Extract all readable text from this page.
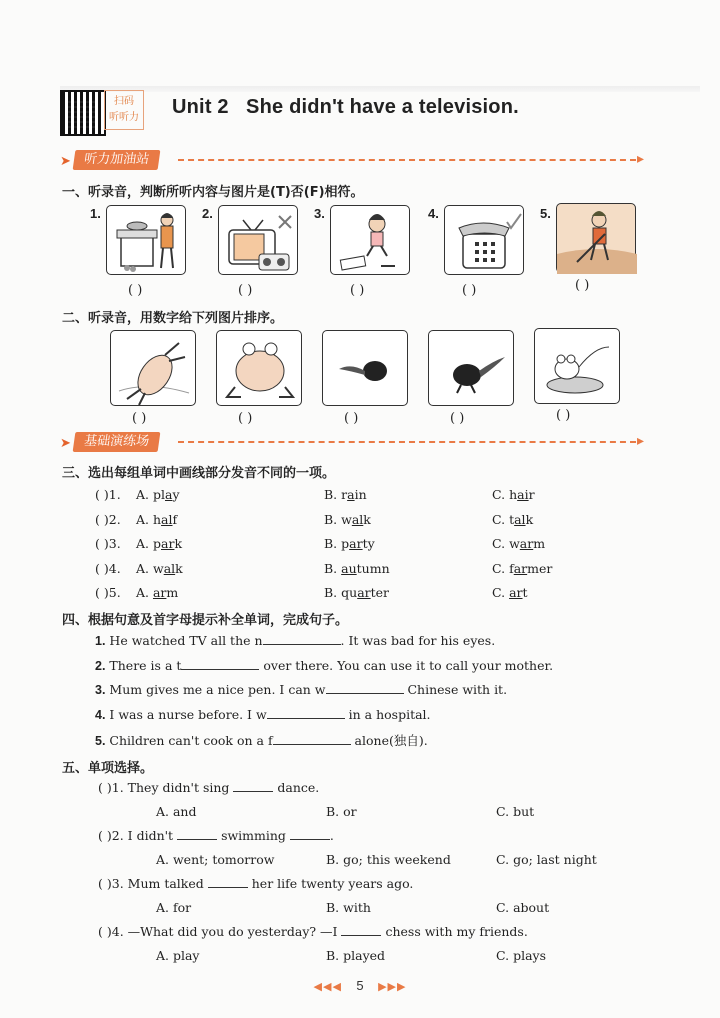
扫码
听听力 Unit 2   She didn't have a television.
➤ 听力加油站	▸
一、听录音，判断所听内容与图片是(T)否(F)相符。
1.
( )
2.
( )
3.
( )
4.
( )
5.
( )
二、听录音，用数字给下列图片排序。
( )	( )	( )	( )	( )
➤ 基础演练场	▸
三、选出每组单词中画线部分发音不同的一项。
( )1. A. play	B. rain	C. hair
( )2. A. half	B. walk	C. talk
( )3. A. park	B. party	C. warm
( )4. A. walk	B. autumn	C. farmer
( )5. A. arm	B. quarter	C. art
四、根据句意及首字母提示补全单词，完成句子。
1. He watched TV all the n	. It was bad for his eyes.
2. There is a t	over there. You can use it to call your mother.
3. Mum gives me a nice pen. I can w	Chinese with it.
4. I was a nurse before. I w	in a hospital.
5. Children can't cook on a f	alone(独自).
五、单项选择。
( )1. They didn't sing	dance.
A. and	B. or	C. but
( )2. I didn't	swimming	.
A. went; tomorrow	B. go; this weekend	C. go; last night
( )3. Mum talked	her life twenty years ago.
A. for	B. with	C. about
( )4. —What did you do yesterday? —I	chess with my friends.
A. play	B. played	C. plays
◀◀◀ 5 ▶▶▶
